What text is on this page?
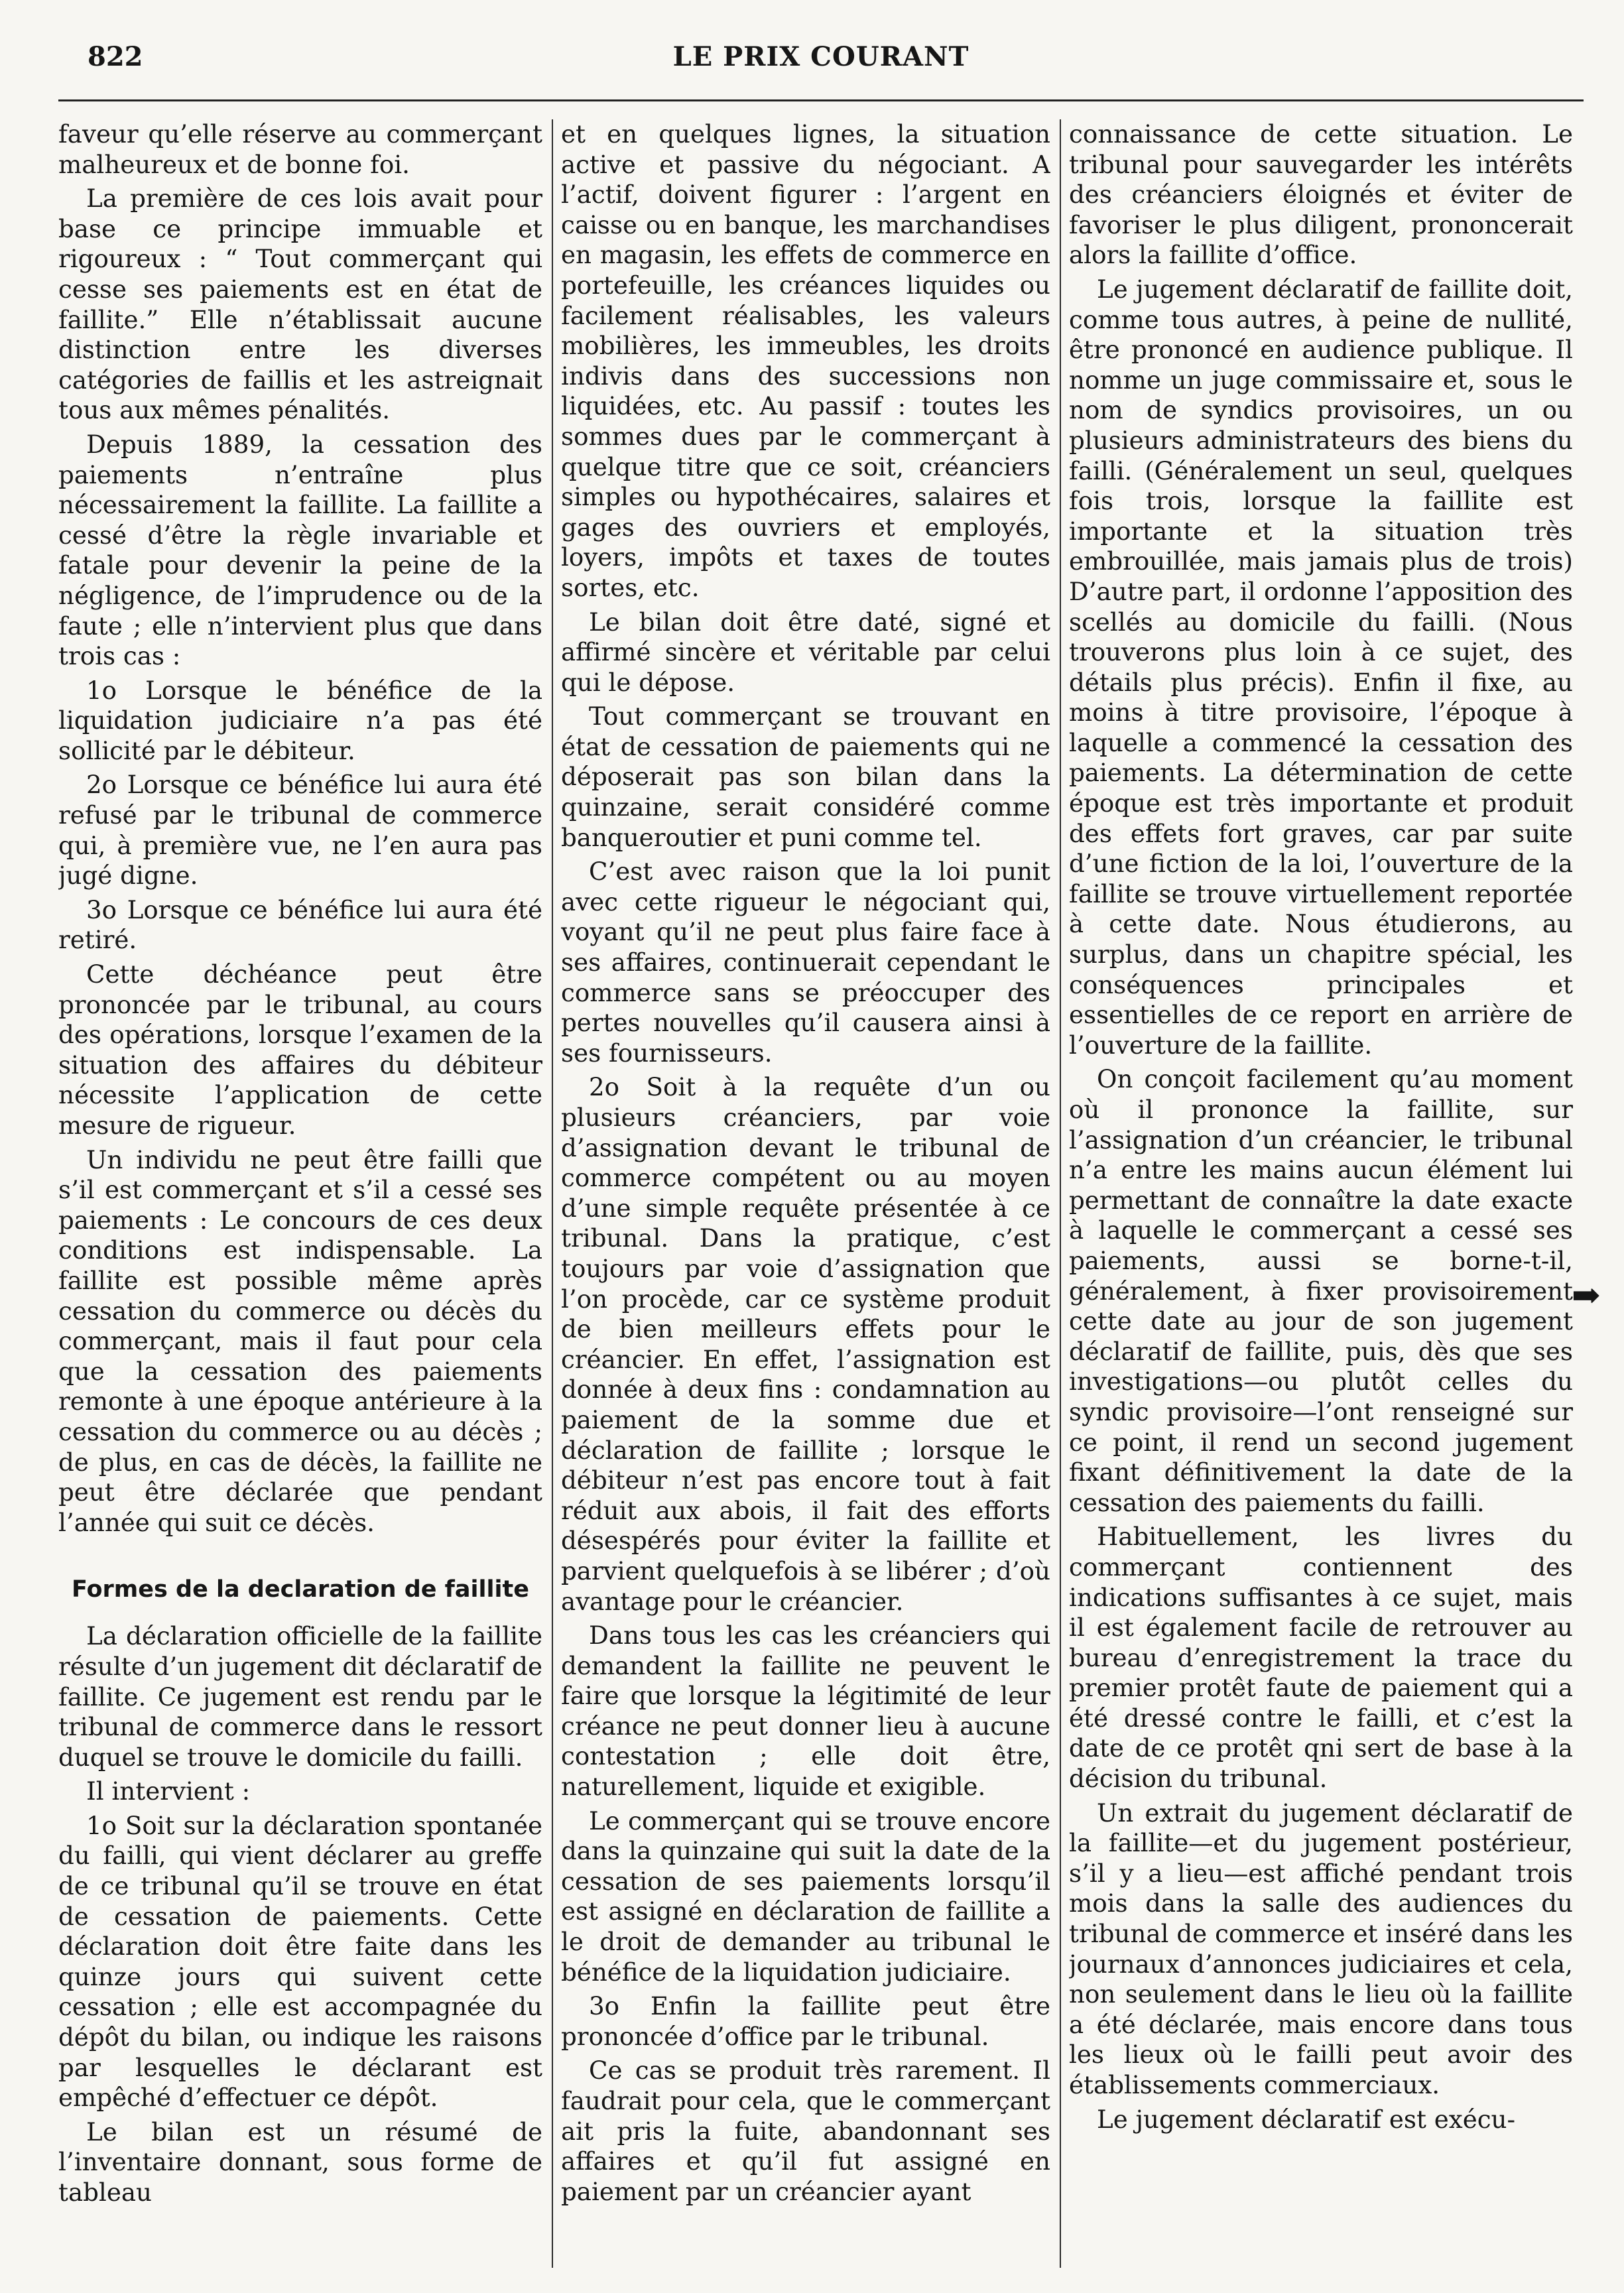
822	LE PRIX COURANT

faveur qu’elle réserve au commerçant malheureux et de bonne foi.

La première de ces lois avait pour base ce principe immuable et rigoureux : “ Tout commerçant qui cesse ses paiements est en état de faillite.” Elle n’établissait aucune distinction entre les diverses catégories de faillis et les astreignait tous aux mêmes pénalités.

Depuis 1889, la cessation des paiements n’entraîne plus nécessairement la faillite. La faillite a cessé d’être la règle invariable et fatale pour devenir la peine de la négligence, de l’imprudence ou de la faute ; elle n’intervient plus que dans trois cas :

1o Lorsque le bénéfice de la liquidation judiciaire n’a pas été sollicité par le débiteur.

2o Lorsque ce bénéfice lui aura été refusé par le tribunal de commerce qui, à première vue, ne l’en aura pas jugé digne.

3o Lorsque ce bénéfice lui aura été retiré.

Cette déchéance peut être prononcée par le tribunal, au cours des opérations, lorsque l’examen de la situation des affaires du débiteur nécessite l’application de cette mesure de rigueur.

Un individu ne peut être failli que s’il est commerçant et s’il a cessé ses paiements : Le concours de ces deux conditions est indispensable. La faillite est possible même après cessation du commerce ou décès du commerçant, mais il faut pour cela que la cessation des paiements remonte à une époque antérieure à la cessation du commerce ou au décès ; de plus, en cas de décès, la faillite ne peut être déclarée que pendant l’année qui suit ce décès.

Formes de la declaration de faillite

La déclaration officielle de la faillite résulte d’un jugement dit déclaratif de faillite. Ce jugement est rendu par le tribunal de commerce dans le ressort duquel se trouve le domicile du failli.

Il intervient :

1o Soit sur la déclaration spontanée du failli, qui vient déclarer au greffe de ce tribunal qu’il se trouve en état de cessation de paiements. Cette déclaration doit être faite dans les quinze jours qui suivent cette cessation ; elle est accompagnée du dépôt du bilan, ou indique les raisons par lesquelles le déclarant est empêché d’effectuer ce dépôt.

Le bilan est un résumé de l’inventaire donnant, sous forme de tableau

et en quelques lignes, la situation active et passive du négociant. A l’actif, doivent figurer : l’argent en caisse ou en banque, les marchandises en magasin, les effets de commerce en portefeuille, les créances liquides ou facilement réalisables, les valeurs mobilières, les immeubles, les droits indivis dans des successions non liquidées, etc. Au passif : toutes les sommes dues par le commerçant à quelque titre que ce soit, créanciers simples ou hypothécaires, salaires et gages des ouvriers et employés, loyers, impôts et taxes de toutes sortes, etc.

Le bilan doit être daté, signé et affirmé sincère et véritable par celui qui le dépose.

Tout commerçant se trouvant en état de cessation de paiements qui ne déposerait pas son bilan dans la quinzaine, serait considéré comme banqueroutier et puni comme tel.

C’est avec raison que la loi punit avec cette rigueur le négociant qui, voyant qu’il ne peut plus faire face à ses affaires, continuerait cependant le commerce sans se préoccuper des pertes nouvelles qu’il causera ainsi à ses fournisseurs.

2o Soit à la requête d’un ou plusieurs créanciers, par voie d’assignation devant le tribunal de commerce compétent ou au moyen d’une simple requête présentée à ce tribunal. Dans la pratique, c’est toujours par voie d’assignation que l’on procède, car ce système produit de bien meilleurs effets pour le créancier. En effet, l’assignation est donnée à deux fins : condamnation au paiement de la somme due et déclaration de faillite ; lorsque le débiteur n’est pas encore tout à fait réduit aux abois, il fait des efforts désespérés pour éviter la faillite et parvient quelquefois à se libérer ; d’où avantage pour le créancier.

Dans tous les cas les créanciers qui demandent la faillite ne peuvent le faire que lorsque la légitimité de leur créance ne peut donner lieu à aucune contestation ; elle doit être, naturellement, liquide et exigible.

Le commerçant qui se trouve encore dans la quinzaine qui suit la date de la cessation de ses paiements lorsqu’il est assigné en déclaration de faillite a le droit de demander au tribunal le bénéfice de la liquidation judiciaire.

3o Enfin la faillite peut être prononcée d’office par le tribunal.

Ce cas se produit très rarement. Il faudrait pour cela, que le commerçant ait pris la fuite, abandonnant ses affaires et qu’il fut assigné en paiement par un créancier ayant

connaissance de cette situation. Le tribunal pour sauvegarder les intérêts des créanciers éloignés et éviter de favoriser le plus diligent, prononcerait alors la faillite d’office.

Le jugement déclaratif de faillite doit, comme tous autres, à peine de nullité, être prononcé en audience publique. Il nomme un juge commissaire et, sous le nom de syndics provisoires, un ou plusieurs administrateurs des biens du failli. (Généralement un seul, quelques fois trois, lorsque la faillite est importante et la situation très embrouillée, mais jamais plus de trois) D’autre part, il ordonne l’apposition des scellés au domicile du failli. (Nous trouverons plus loin à ce sujet, des détails plus précis). Enfin il fixe, au moins à titre provisoire, l’époque à laquelle a commencé la cessation des paiements. La détermination de cette époque est très importante et produit des effets fort graves, car par suite d’une fiction de la loi, l’ouverture de la faillite se trouve virtuellement reportée à cette date. Nous étudierons, au surplus, dans un chapitre spécial, les conséquences principales et essentielles de ce report en arrière de l’ouverture de la faillite.

On conçoit facilement qu’au moment où il prononce la faillite, sur l’assignation d’un créancier, le tribunal n’a entre les mains aucun élément lui permettant de connaître la date exacte à laquelle le commerçant a cessé ses paiements, aussi se borne-t-il, généralement, à fixer provisoirement cette date au jour de son jugement déclaratif de faillite, puis, dès que ses investigations—ou plutôt celles du syndic provisoire—l’ont renseigné sur ce point, il rend un second jugement fixant définitivement la date de la cessation des paiements du failli.

Habituellement, les livres du commerçant contiennent des indications suffisantes à ce sujet, mais il est également facile de retrouver au bureau d’enregistrement la trace du premier protêt faute de paiement qui a été dressé contre le failli, et c’est la date de ce protêt qni sert de base à la décision du tribunal.

Un extrait du jugement déclaratif de la faillite—et du jugement postérieur, s’il y a lieu—est affiché pendant trois mois dans la salle des audiences du tribunal de commerce et inséré dans les journaux d’annonces judiciaires et cela, non seulement dans le lieu où la faillite a été déclarée, mais encore dans tous les lieux où le failli peut avoir des établissements commerciaux.

Le jugement déclaratif est exécu-

➡
